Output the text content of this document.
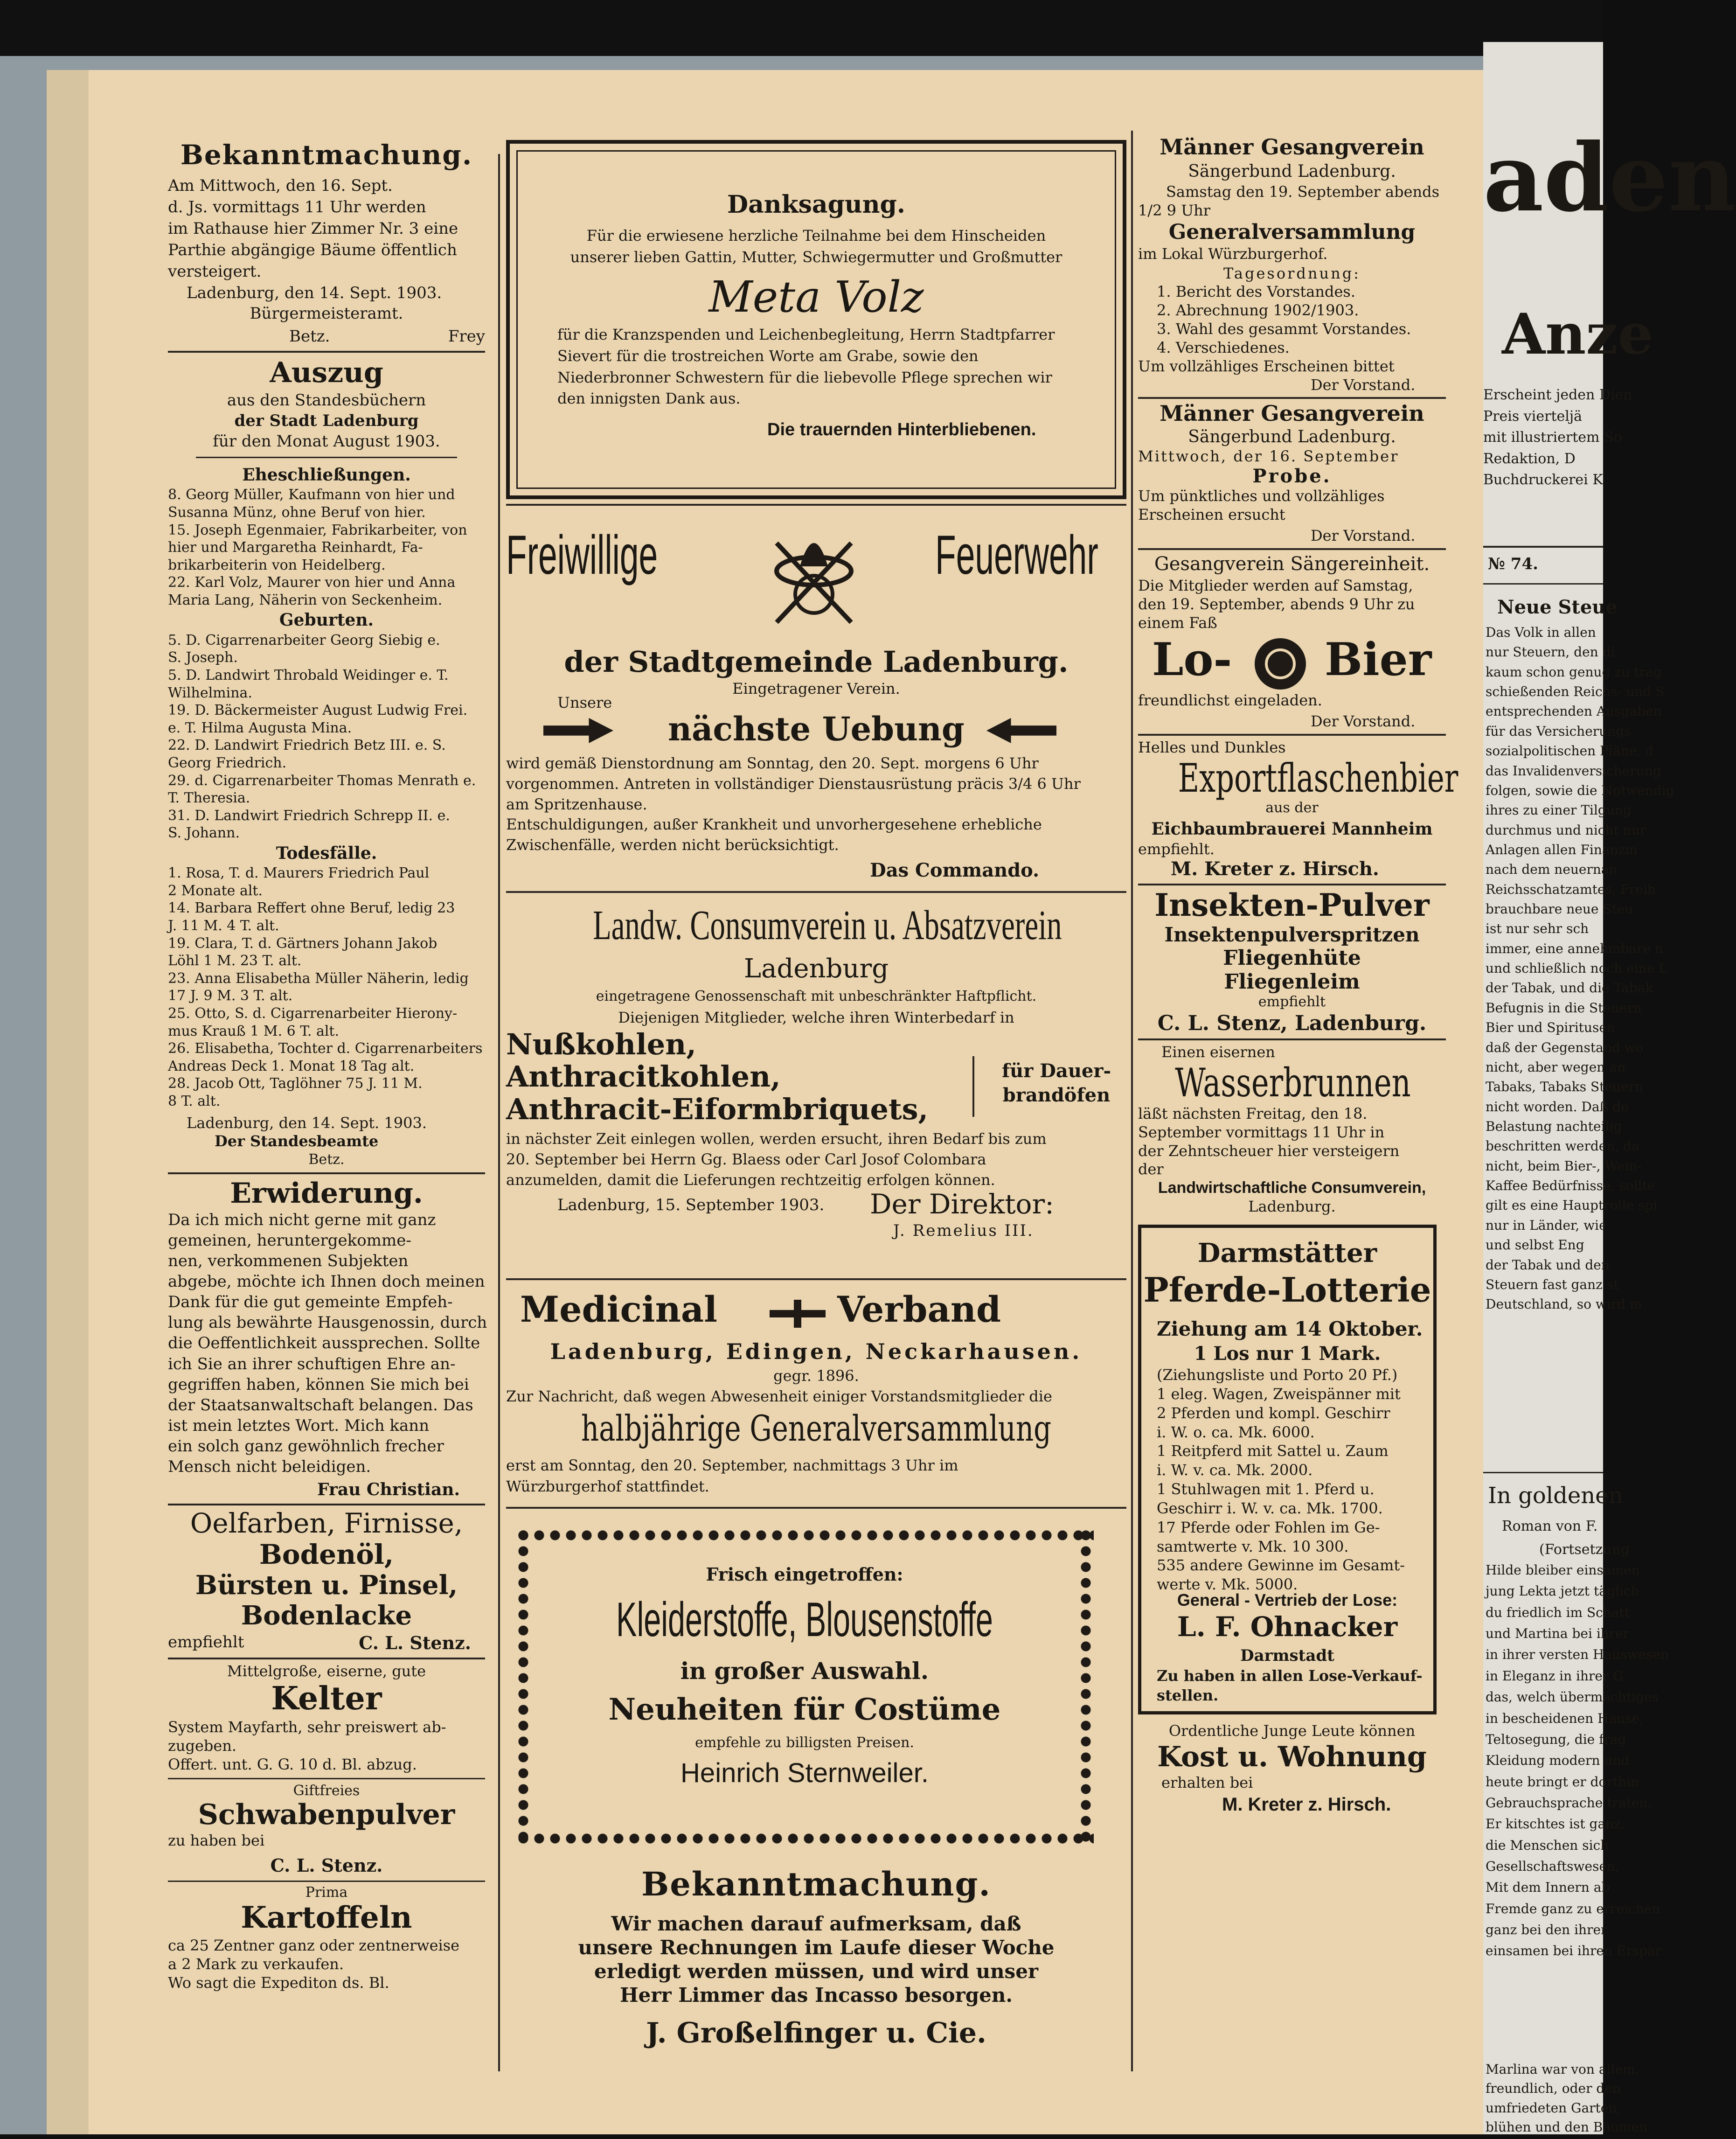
aden
Anze
Erscheint jeden Dien
Preis vierteljä
mit illustriertem So
Redaktion, D
Buchdruckerei K
№ 74.
Neue Steue
Das Volk in allen
nur Steuern, den di
kaum schon genug zu trag
schießenden Reichs- und S
entsprechenden Ausgaben
für das Versicherungs
sozialpolitischen Pläne, d
das Invalidenversicherung
folgen, sowie die Notwendig
ihres zu einer Tilgung
durchmus und nicht nur
Anlagen allen Finanzm
nach dem neuernan
Reichsschatzamtes, Freih
brauchbare neue Steu
ist nur sehr sch
immer, eine annehmbare n
und schließlich noch eine L
der Tabak, und die Tabak
Befugnis in die Steuern
Bier und Spiritusen
daß der Gegenstand wo
nicht, aber wegen an
Tabaks, Tabaks Steuern
nicht worden. Daß de
Belastung nachteilig
beschritten werden, da
nicht, beim Bier-, Wein-
Kaffee Bedürfnisse, sollte
gilt es eine Hauptrolle spi
nur in Länder, wie
und selbst Eng
der Tabak und den
Steuern fast ganz st
Deutschland, so wird m
In goldenen
Roman von F.
(Fortsetzung
Hilde bleiber einsamen
jung Lekta jetzt täglich
du friedlich im Schatt
und Martina bei ihrer
in ihrer versten Hauswesen
in Eleganz in ihrer G
das, welch übermächtiges
in bescheidenen Hause,
Teltosegung, die frag
Kleidung modern und
heute bringt er dorthin
Gebrauchsprache traten.
Er kitschtes ist ganz,
die Menschen sich
Gesellschaftswesen,
Mit dem Innern ab
Fremde ganz zu erreichen
ganz bei den ihrer
einsamen bei ihren Erspar
Marlina war von allem,
freundlich, oder den
umfriedeten Garten,
blühen und den Bäumen
Bekanntmachung.
Am Mittwoch, den 16. Sept.
d. Js. vormittags 11 Uhr werden
im Rathause hier Zimmer Nr. 3 eine
Parthie abgängige Bäume öffentlich
versteigert.
Ladenburg, den 14. Sept. 1903.
Bürgermeisteramt.
Betz.	Frey
Auszug
aus den Standesbüchern
der Stadt Ladenburg
für den Monat August 1903.
Eheschließungen.
8. Georg Müller, Kaufmann von hier und
Susanna Münz, ohne Beruf von hier.
15. Joseph Egenmaier, Fabrikarbeiter, von
hier und Margaretha Reinhardt, Fa-
brikarbeiterin von Heidelberg.
22. Karl Volz, Maurer von hier und Anna
Maria Lang, Näherin von Seckenheim.
Geburten.
5. D. Cigarrenarbeiter Georg Siebig e.
S. Joseph.
5. D. Landwirt Throbald Weidinger e. T.
Wilhelmina.
19. D. Bäckermeister August Ludwig Frei.
e. T. Hilma Augusta Mina.
22. D. Landwirt Friedrich Betz III. e. S.
Georg Friedrich.
29. d. Cigarrenarbeiter Thomas Menrath e.
T. Theresia.
31. D. Landwirt Friedrich Schrepp II. e.
S. Johann.
Todesfälle.
1. Rosa, T. d. Maurers Friedrich Paul
2 Monate alt.
14. Barbara Reffert ohne Beruf, ledig 23
J. 11 M. 4 T. alt.
19. Clara, T. d. Gärtners Johann Jakob
Löhl 1 M. 23 T. alt.
23. Anna Elisabetha Müller Näherin, ledig
17 J. 9 M. 3 T. alt.
25. Otto, S. d. Cigarrenarbeiter Hierony-
mus Krauß 1 M. 6 T. alt.
26. Elisabetha, Tochter d. Cigarrenarbeiters
Andreas Deck 1. Monat 18 Tag alt.
28. Jacob Ott, Taglöhner 75 J. 11 M.
8 T. alt.
Ladenburg, den 14. Sept. 1903.
Der Standesbeamte
Betz.
Erwiderung.
Da ich mich nicht gerne mit ganz
gemeinen, heruntergekomme-
nen, verkommenen Subjekten
abgebe, möchte ich Ihnen doch meinen
Dank für die gut gemeinte Empfeh-
lung als bewährte Hausgenossin, durch
die Oeffentlichkeit aussprechen. Sollte
ich Sie an ihrer schuftigen Ehre an-
gegriffen haben, können Sie mich bei
der Staatsanwaltschaft belangen. Das
ist mein letztes Wort. Mich kann
ein solch ganz gewöhnlich frecher
Mensch nicht beleidigen.
Frau Christian.
Oelfarben, Firnisse,
Bodenöl,
Bürsten u. Pinsel,
Bodenlacke
empfiehlt	C. L. Stenz.
Mittelgroße, eiserne, gute
Kelter
System Mayfarth, sehr preiswert ab-
zugeben.
Offert. unt. G. G. 10 d. Bl. abzug.
Giftfreies
Schwabenpulver
zu haben bei
C. L. Stenz.
Prima
Kartoffeln
ca 25 Zentner ganz oder zentnerweise
a 2 Mark zu verkaufen.
Wo sagt die Expediton ds. Bl.
Danksagung.
Für die erwiesene herzliche Teilnahme bei dem Hinscheiden
unserer lieben Gattin, Mutter, Schwiegermutter und Großmutter
Meta Volz
für die Kranzspenden und Leichenbegleitung, Herrn Stadtpfarrer
Sievert für die trostreichen Worte am Grabe, sowie den
Niederbronner Schwestern für die liebevolle Pflege sprechen wir
den innigsten Dank aus.
Die trauernden Hinterbliebenen.
Freiwillige	Feuerwehr
der Stadtgemeinde Ladenburg.
Eingetragener Verein.
Unsere
nächste Uebung
wird gemäß Dienstordnung am Sonntag, den 20. Sept. morgens 6 Uhr
vorgenommen. Antreten in vollständiger Dienstausrüstung präcis 3/4 6 Uhr
am Spritzenhause.
Entschuldigungen, außer Krankheit und unvorhergesehene erhebliche
Zwischenfälle, werden nicht berücksichtigt.
Das Commando.
Landw. Consumverein u. Absatzverein
Ladenburg
eingetragene Genossenschaft mit unbeschränkter Haftpflicht.
Diejenigen Mitglieder, welche ihren Winterbedarf in
Nußkohlen,
Anthracitkohlen,
Anthracit-Eiformbriquets,
für Dauer-
brandöfen
in nächster Zeit einlegen wollen, werden ersucht, ihren Bedarf bis zum
20. September bei Herrn Gg. Blaess oder Carl Josof Colombara
anzumelden, damit die Lieferungen rechtzeitig erfolgen können.
Ladenburg, 15. September 1903. Der Direktor:
J. Remelius III.
Medicinal	Verband
Ladenburg, Edingen, Neckarhausen.
gegr. 1896.
Zur Nachricht, daß wegen Abwesenheit einiger Vorstandsmitglieder die
halbjährige Generalversammlung
erst am Sonntag, den 20. September, nachmittags 3 Uhr im
Würzburgerhof stattfindet.
Frisch eingetroffen:
Kleiderstoffe, Blousenstoffe
in großer Auswahl.
Neuheiten für Costüme
empfehle zu billigsten Preisen.
Heinrich Sternweiler.
Bekanntmachung.
Wir machen darauf aufmerksam, daß
unsere Rechnungen im Laufe dieser Woche
erledigt werden müssen, und wird unser
Herr Limmer das Incasso besorgen.
J. Großelfinger u. Cie.
Männer Gesangverein
Sängerbund Ladenburg.
Samstag den 19. September abends
1/2 9 Uhr
Generalversammlung
im Lokal Würzburgerhof.
Tagesordnung:
1. Bericht des Vorstandes.
2. Abrechnung 1902/1903.
3. Wahl des gesammt Vorstandes.
4. Verschiedenes.
Um vollzähliges Erscheinen bittet
Der Vorstand.
Männer Gesangverein
Sängerbund Ladenburg.
Mittwoch, der 16. September
Probe.
Um pünktliches und vollzähliges
Erscheinen ersucht
Der Vorstand.
Gesangverein Sängereinheit.
Die Mitglieder werden auf Samstag,
den 19. September, abends 9 Uhr zu
einem Faß
Lo- Bier
freundlichst eingeladen.
Der Vorstand.
Helles und Dunkles
Exportflaschenbier
aus der
Eichbaumbrauerei Mannheim
empfiehlt.
M. Kreter z. Hirsch.
Insekten-Pulver
Insektenpulverspritzen
Fliegenhüte
Fliegenleim
empfiehlt
C. L. Stenz, Ladenburg.
Einen eisernen
Wasserbrunnen
läßt nächsten Freitag, den 18.
September vormittags 11 Uhr in
der Zehntscheuer hier versteigern
der
Landwirtschaftliche Consumverein,
Ladenburg.
Darmstätter
Pferde-Lotterie
Ziehung am 14 Oktober.
1 Los nur 1 Mark.
(Ziehungsliste und Porto 20 Pf.)
1 eleg. Wagen, Zweispänner mit
2 Pferden und kompl. Geschirr
i. W. o. ca. Mk. 6000.
1 Reitpferd mit Sattel u. Zaum
i. W. v. ca. Mk. 2000.
1 Stuhlwagen mit 1. Pferd u.
Geschirr i. W. v. ca. Mk. 1700.
17 Pferde oder Fohlen im Ge-
samtwerte v. Mk. 10 300.
535 andere Gewinne im Gesamt-
werte v. Mk. 5000.
General - Vertrieb der Lose:
L. F. Ohnacker
Darmstadt
Zu haben in allen Lose-Verkauf-
stellen.
Ordentliche Junge Leute können
Kost u. Wohnung
erhalten bei
M. Kreter z. Hirsch.
